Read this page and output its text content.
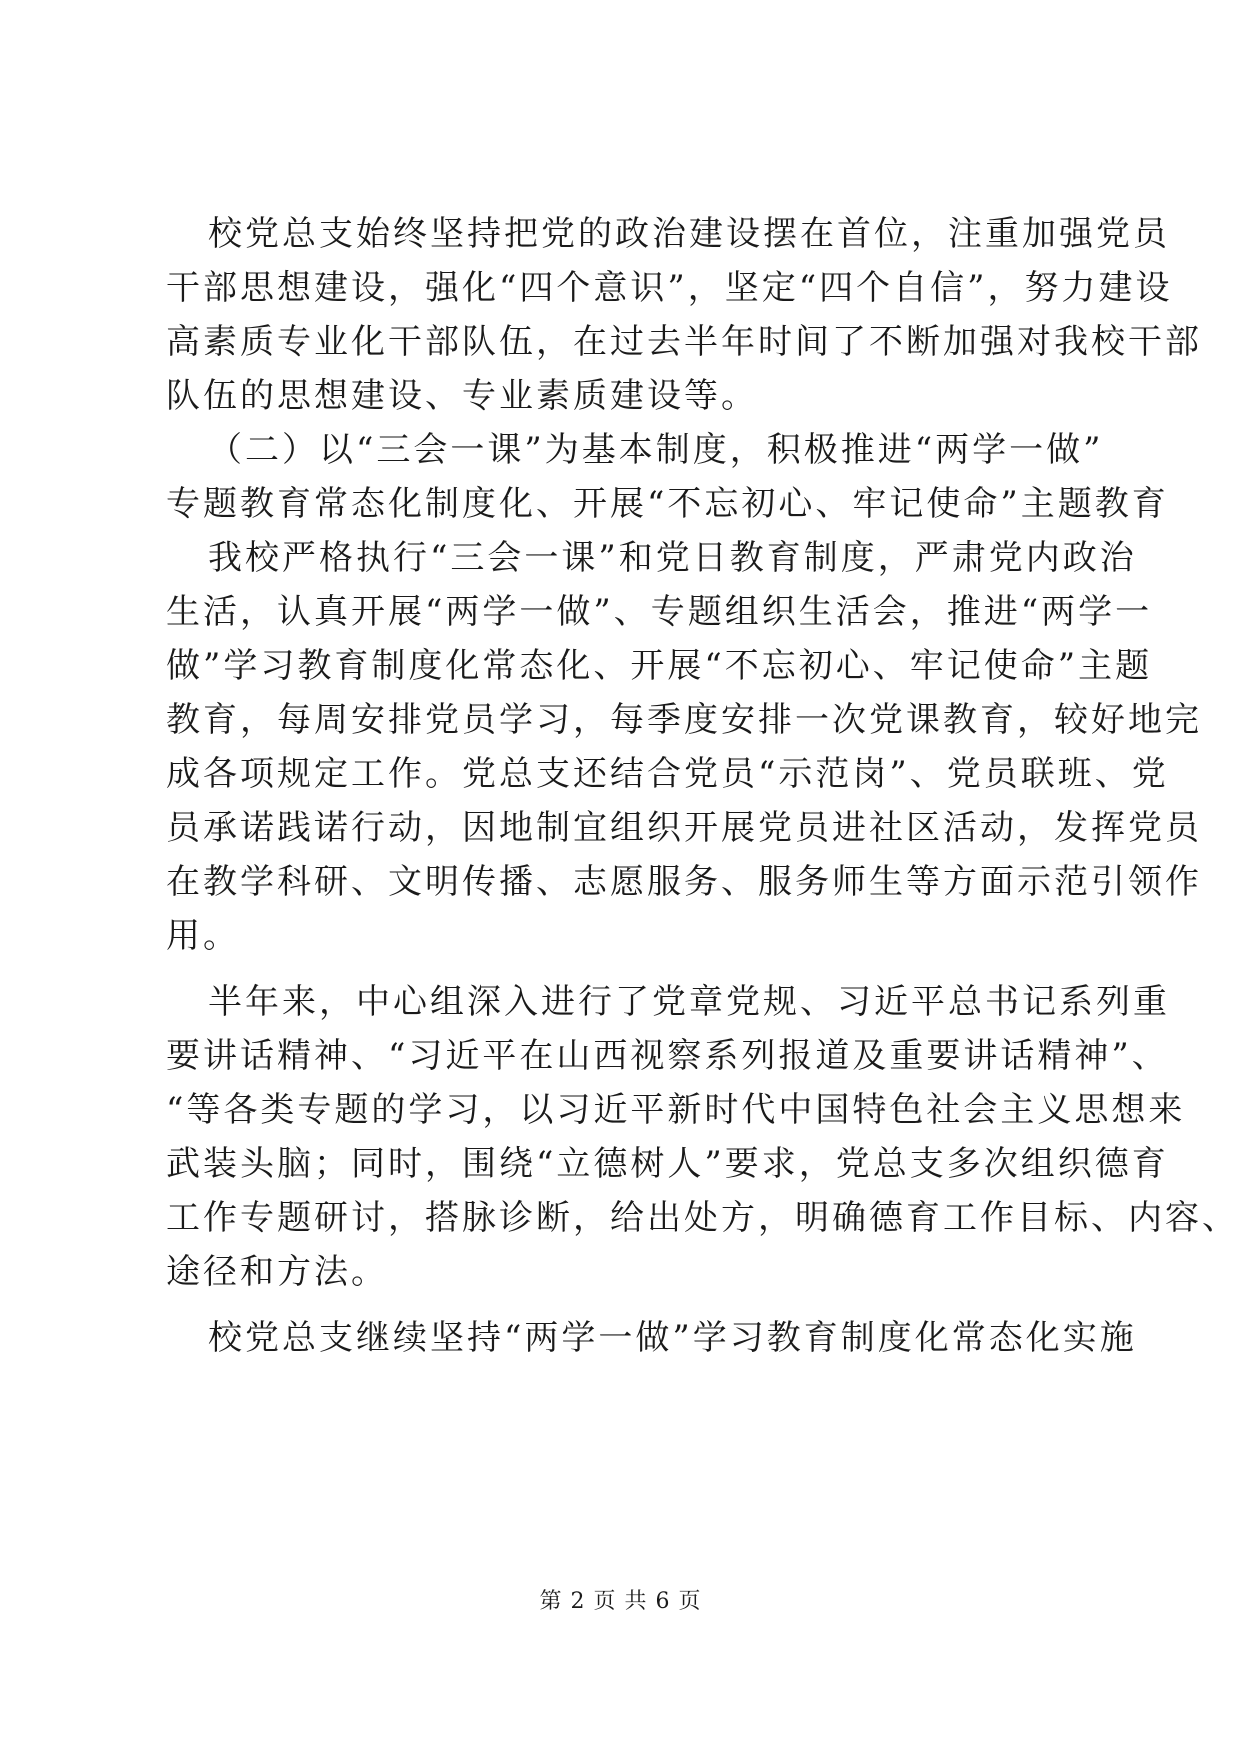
校党总支始终坚持把党的政治建设摆在首位，注重加强党员
干部思想建设，强化“四个意识”，坚定“四个自信”，努力建设
高素质专业化干部队伍，在过去半年时间了不断加强对我校干部
队伍的思想建设、专业素质建设等。
（二）以“三会一课”为基本制度，积极推进“两学一做”
专题教育常态化制度化、开展“不忘初心、牢记使命”主题教育
我校严格执行“三会一课”和党日教育制度，严肃党内政治
生活，认真开展“两学一做”、专题组织生活会，推进“两学一
做”学习教育制度化常态化、开展“不忘初心、牢记使命”主题
教育，每周安排党员学习，每季度安排一次党课教育，较好地完
成各项规定工作。党总支还结合党员“示范岗”、党员联班、党
员承诺践诺行动，因地制宜组织开展党员进社区活动，发挥党员
在教学科研、文明传播、志愿服务、服务师生等方面示范引领作
用。
半年来，中心组深入进行了党章党规、习近平总书记系列重
要讲话精神、“习近平在山西视察系列报道及重要讲话精神”、
“等各类专题的学习，以习近平新时代中国特色社会主义思想来
武装头脑；同时，围绕“立德树人”要求，党总支多次组织德育
工作专题研讨，搭脉诊断，给出处方，明确德育工作目标、内容、
途径和方法。
校党总支继续坚持“两学一做”学习教育制度化常态化实施
第 2 页 共 6 页
